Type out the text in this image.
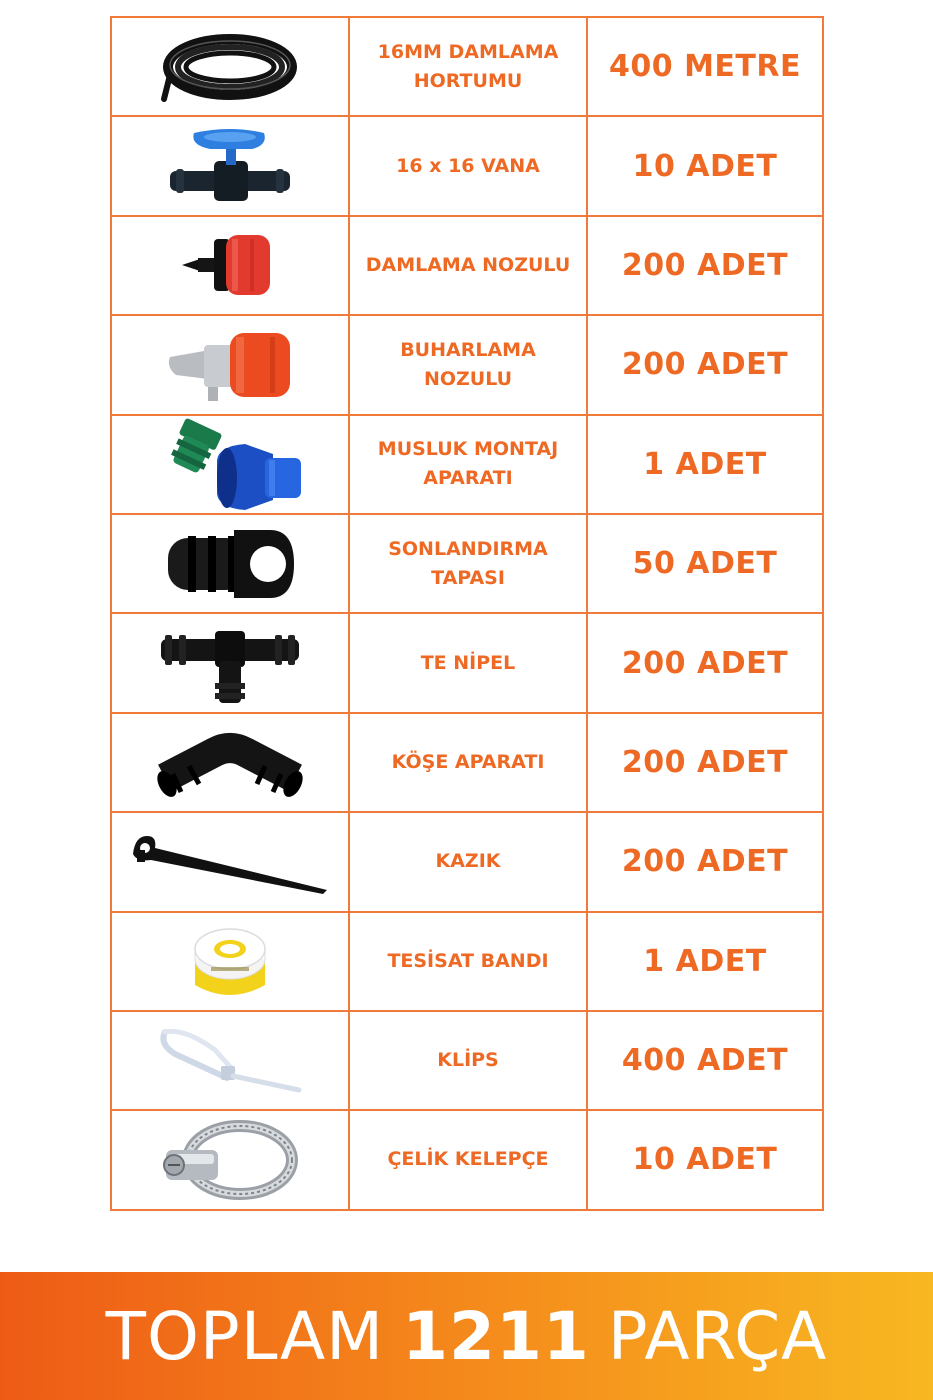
	16MM DAMLAMA HORTUMU	400 METRE

	16 x 16 VANA	10 ADET

	DAMLAMA NOZULU	200 ADET

	BUHARLAMA NOZULU	200 ADET

	MUSLUK MONTAJ APARATI	1 ADET

	SONLANDIRMA TAPASI	50 ADET

	TE NİPEL	200 ADET

	KÖŞE APARATI	200 ADET

	KAZIK	200 ADET

	TESİSAT BANDI	1 ADET

	KLİPS	400 ADET

	ÇELİK KELEPÇE	10 ADET
TOPLAM 1211 PARÇA
